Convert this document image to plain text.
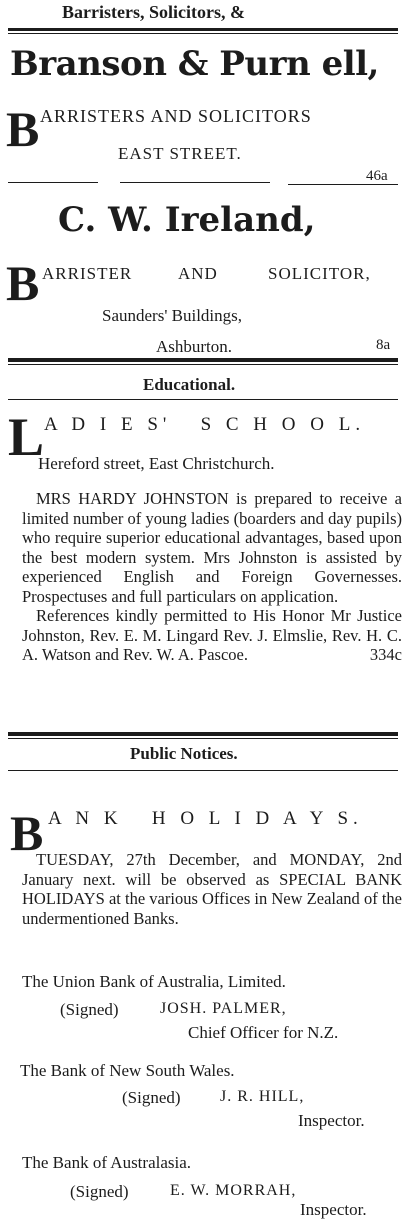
Barristers, Solicitors, &
Branson & Purn ell,
B ARRISTERS AND SOLICITORS
EAST STREET.
46a
C. W. Ireland,
B ARRISTER	AND	SOLICITOR,
Saunders' Buildings,
Ashburton.	8a
Educational.
L A D I E S'   S C H O O L.
Hereford street, East Christchurch.

MRS HARDY JOHNSTON is prepared to receive a limited number of young ladies (boarders and day pupils) who require superior educational advantages, based upon the best modern system. Mrs Johnston is assisted by experienced English and Foreign Governesses. Prospectuses and full particulars on application.

References kindly permitted to His Honor Mr Justice Johnston, Rev. E. M. Lingard Rev. J. Elmslie, Rev. H. C. A. Watson and Rev. W. A. Pascoe.	334c

Public Notices.
B A N K   H O L I D A Y S.

TUESDAY, 27th December, and MONDAY, 2nd January next. will be observed as SPECIAL BANK HOLIDAYS at the various Offices in New Zealand of the undermentioned Banks.

The Union Bank of Australia, Limited.
(Signed)	JOSH. PALMER,
Chief Officer for N.Z.
The Bank of New South Wales.
(Signed) J. R. HILL,
Inspector.
The Bank of Australasia.
(Signed)	E. W. MORRAH,
Inspector.
